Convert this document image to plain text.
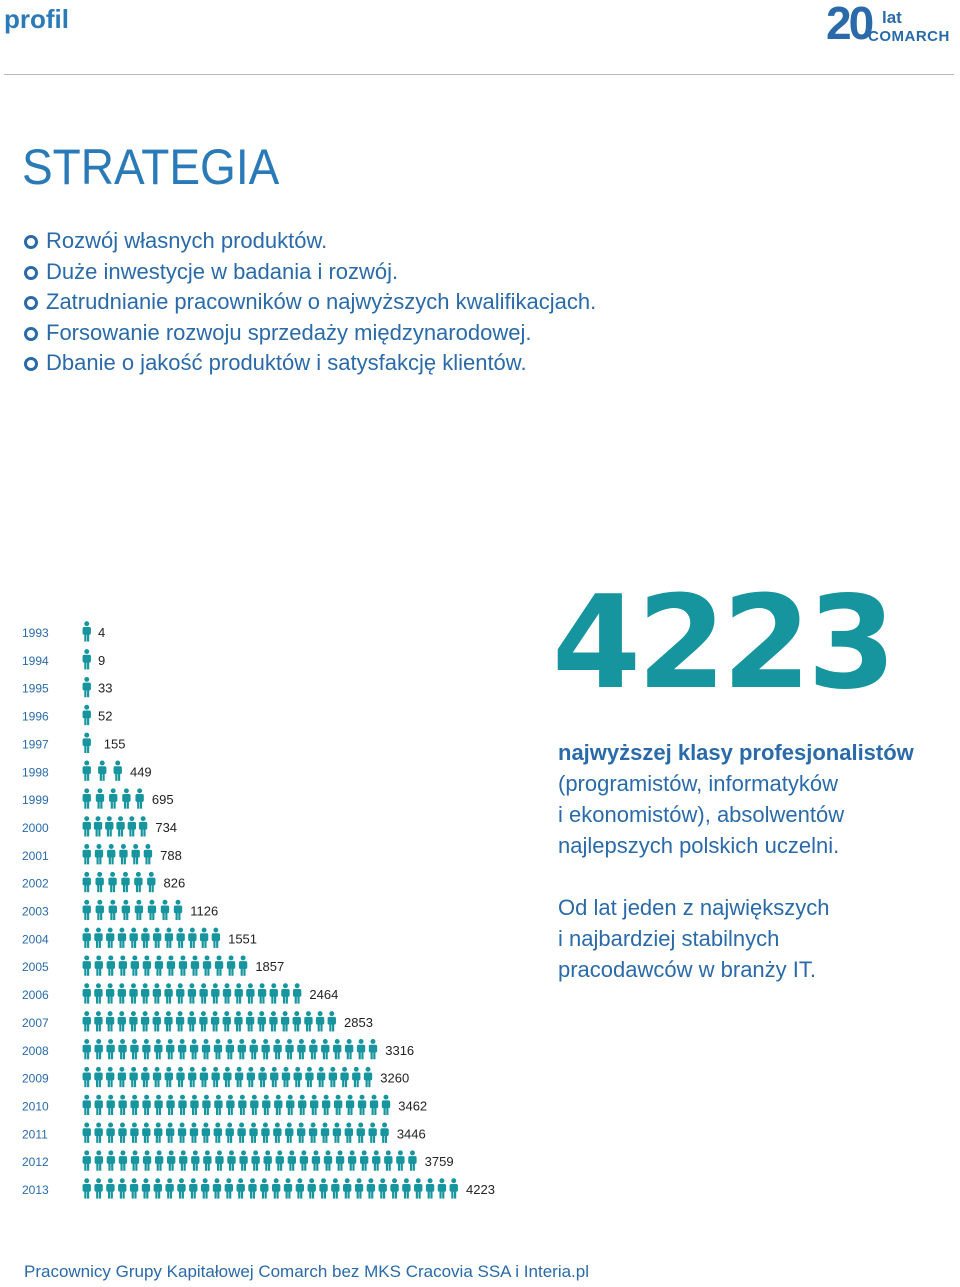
profil	20 lat
COMARCH
STRATEGIA
Rozwój własnych produktów.
Duże inwestycje w badania i rozwój.
Zatrudnianie pracowników o najwyższych kwalifikacjach.
Forsowanie rozwoju sprzedaży międzynarodowej.
Dbanie o jakość produktów i satysfakcję klientów.
1993	4
1994	9
1995	33
1996	52
1997	155
1998	449
1999	695
2000	734
2001	788
2002	826
2003	1126
2004	1551
2005	1857
2006	2464
2007	2853
2008	3316
2009	3260
2010	3462
2011	3446
2012	3759
2013	4223
4223
najwyższej klasy profesjonalistów
(programistów, informatyków
i ekonomistów), absolwentów
najlepszych polskich uczelni.
Od lat jeden z największych
i najbardziej stabilnych
pracodawców w branży IT.
Pracownicy Grupy Kapitałowej Comarch bez MKS Cracovia SSA i Interia.pl
